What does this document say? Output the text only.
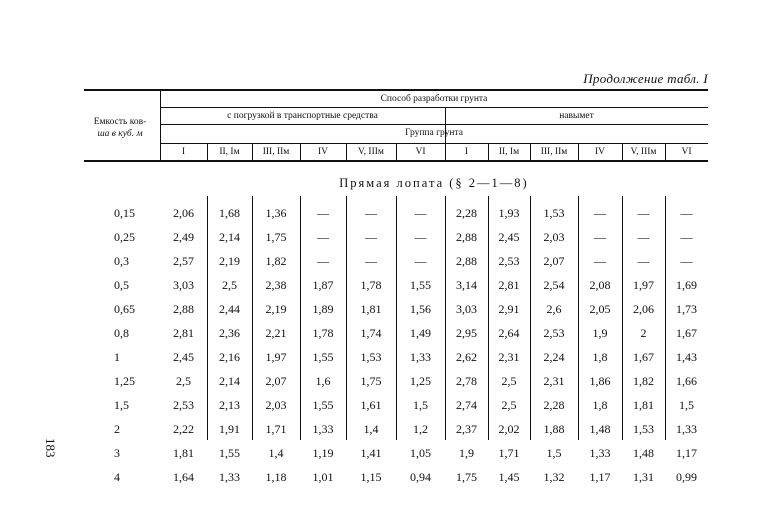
Продолжение табл. I
Емкость ков-
ша в куб. м
Способ разработки грунта
с погрузкой в транспортные средства	навымет
Группа грунта
I	II, Iм	III, IIм	IV	V, IIIм	VI	I	II, Iм	III, IIм	IV	V, IIIм	VI
Прямая лопата (§ 2—1—8)
0,15	2,06	1,68	1,36	—	—	—	2,28	1,93	1,53	—	—	—
0,25	2,49	2,14	1,75	—	—	—	2,88	2,45	2,03	—	—	—
0,3	2,57	2,19	1,82	—	—	—	2,88	2,53	2,07	—	—	—
0,5	3,03	2,5	2,38	1,87	1,78	1,55	3,14	2,81	2,54	2,08	1,97	1,69
0,65	2,88	2,44	2,19	1,89	1,81	1,56	3,03	2,91	2,6	2,05	2,06	1,73
0,8	2,81	2,36	2,21	1,78	1,74	1,49	2,95	2,64	2,53	1,9	2	1,67
1	2,45	2,16	1,97	1,55	1,53	1,33	2,62	2,31	2,24	1,8	1,67	1,43
1,25	2,5	2,14	2,07	1,6	1,75	1,25	2,78	2,5	2,31	1,86	1,82	1,66
1,5	2,53	2,13	2,03	1,55	1,61	1,5	2,74	2,5	2,28	1,8	1,81	1,5
2	2,22	1,91	1,71	1,33	1,4	1,2	2,37	2,02	1,88	1,48	1,53	1,33
3	1,81	1,55	1,4	1,19	1,41	1,05	1,9	1,71	1,5	1,33	1,48	1,17
4	1,64	1,33	1,18	1,01	1,15	0,94	1,75	1,45	1,32	1,17	1,31	0,99
183
